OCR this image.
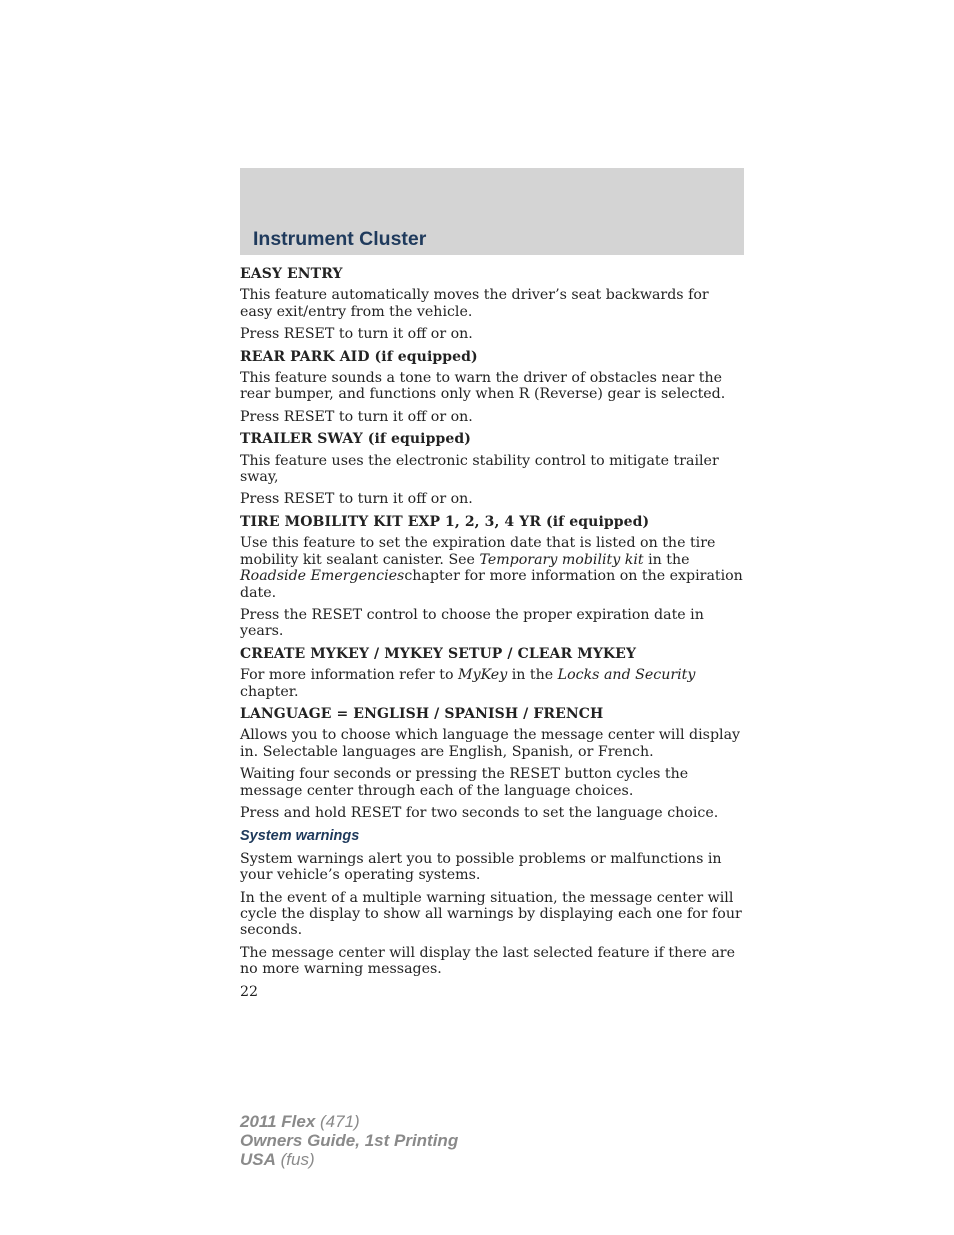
Instrument Cluster
EASY ENTRY
This feature automatically moves the driver’s seat backwards for easy exit/entry from the vehicle.
Press RESET to turn it off or on.
REAR PARK AID (if equipped)
This feature sounds a tone to warn the driver of obstacles near the rear bumper, and functions only when R (Reverse) gear is selected.
Press RESET to turn it off or on.
TRAILER SWAY (if equipped)
This feature uses the electronic stability control to mitigate trailer sway,
Press RESET to turn it off or on.
TIRE MOBILITY KIT EXP 1, 2, 3, 4 YR (if equipped)
Use this feature to set the expiration date that is listed on the tire mobility kit sealant canister. See Temporary mobility kit in the Roadside Emergencieschapter for more information on the expiration date.
Press the RESET control to choose the proper expiration date in years.
CREATE MYKEY / MYKEY SETUP / CLEAR MYKEY
For more information refer to MyKey in the Locks and Security chapter.
LANGUAGE = ENGLISH / SPANISH / FRENCH
Allows you to choose which language the message center will display in. Selectable languages are English, Spanish, or French.
Waiting four seconds or pressing the RESET button cycles the message center through each of the language choices.
Press and hold RESET for two seconds to set the language choice.
System warnings
System warnings alert you to possible problems or malfunctions in your vehicle’s operating systems.
In the event of a multiple warning situation, the message center will cycle the display to show all warnings by displaying each one for four seconds.
The message center will display the last selected feature if there are no more warning messages.
22
2011 Flex (471)
Owners Guide, 1st Printing
USA (fus)
